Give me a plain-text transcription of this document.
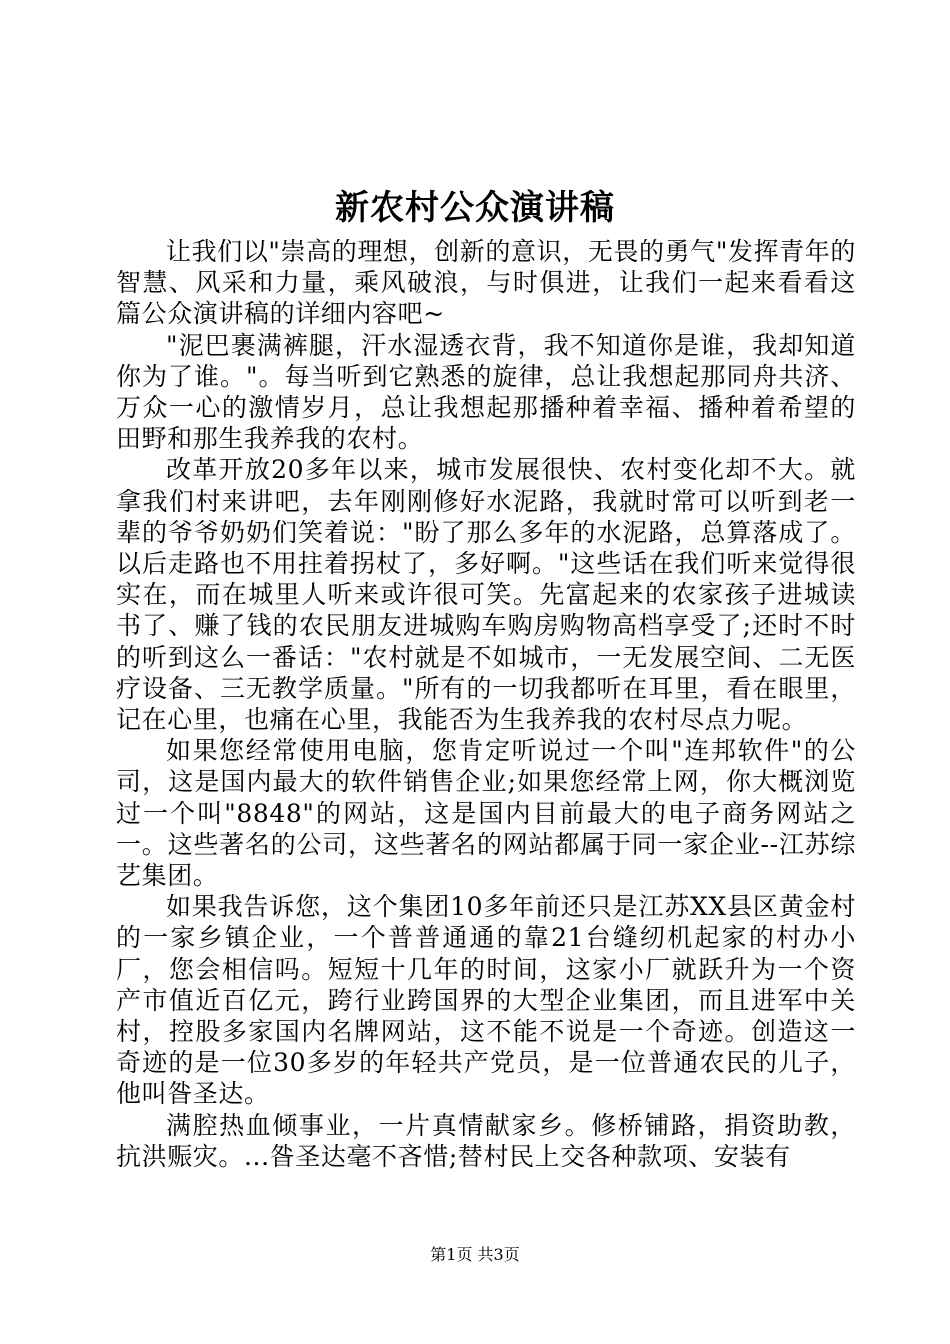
新农村公众演讲稿

让我们以"崇高的理想，创新的意识，无畏的勇气"发挥青年的智慧、风采和力量，乘风破浪，与时俱进，让我们一起来看看这篇公众演讲稿的详细内容吧~

"泥巴裹满裤腿，汗水湿透衣背，我不知道你是谁，我却知道你为了谁。"。每当听到它熟悉的旋律，总让我想起那同舟共济、万众一心的激情岁月，总让我想起那播种着幸福、播种着希望的田野和那生我养我的农村。

改革开放20多年以来，城市发展很快、农村变化却不大。就拿我们村来讲吧，去年刚刚修好水泥路，我就时常可以听到老一辈的爷爷奶奶们笑着说："盼了那么多年的水泥路，总算落成了。以后走路也不用拄着拐杖了，多好啊。"这些话在我们听来觉得很实在，而在城里人听来或许很可笑。先富起来的农家孩子进城读书了、赚了钱的农民朋友进城购车购房购物高档享受了;还时不时的听到这么一番话："农村就是不如城市，一无发展空间、二无医疗设备、三无教学质量。"所有的一切我都听在耳里，看在眼里，记在心里，也痛在心里，我能否为生我养我的农村尽点力呢。

如果您经常使用电脑，您肯定听说过一个叫"连邦软件"的公司，这是国内最大的软件销售企业;如果您经常上网，你大概浏览过一个叫"8848"的网站，这是国内目前最大的电子商务网站之一。这些著名的公司，这些著名的网站都属于同一家企业--江苏综艺集团。

如果我告诉您，这个集团10多年前还只是江苏XX县区黄金村的一家乡镇企业，一个普普通通的靠21台缝纫机起家的村办小厂，您会相信吗。短短十几年的时间，这家小厂就跃升为一个资产市值近百亿元，跨行业跨国界的大型企业集团，而且进军中关村，控股多家国内名牌网站，这不能不说是一个奇迹。创造这一奇迹的是一位30多岁的年轻共产党员，是一位普通农民的儿子，他叫昝圣达。

满腔热血倾事业，一片真情献家乡。修桥铺路，捐资助教，抗洪赈灾。...昝圣达毫不吝惜;替村民上交各种款项、安装有

第1页 共3页
